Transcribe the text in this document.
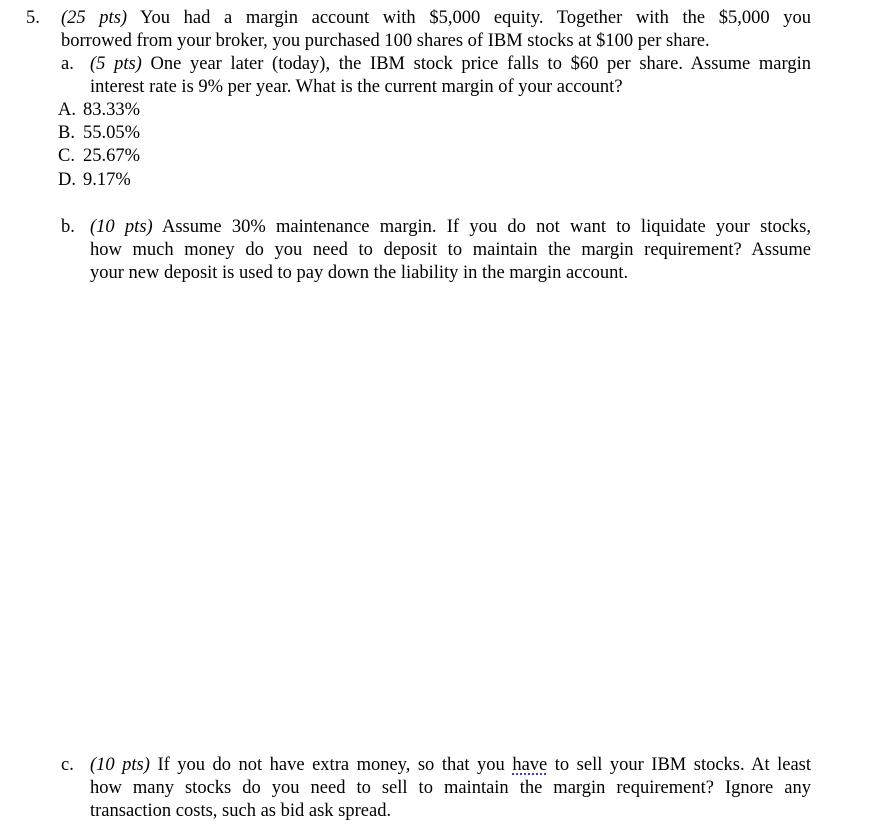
5. (25 pts) You had a margin account with $5,000 equity. Together with the $5,000 you
borrowed from your broker, you purchased 100 shares of IBM stocks at $100 per share.
a. (5 pts) One year later (today), the IBM stock price falls to $60 per share. Assume margin
interest rate is 9% per year. What is the current margin of your account?
A. 83.33%
B. 55.05%
C. 25.67%
D. 9.17%
b. (10 pts) Assume 30% maintenance margin. If you do not want to liquidate your stocks,
how much money do you need to deposit to maintain the margin requirement? Assume
your new deposit is used to pay down the liability in the margin account.
c. (10 pts) If you do not have extra money, so that you have to sell your IBM stocks. At least
how many stocks do you need to sell to maintain the margin requirement? Ignore any
transaction costs, such as bid ask spread.
